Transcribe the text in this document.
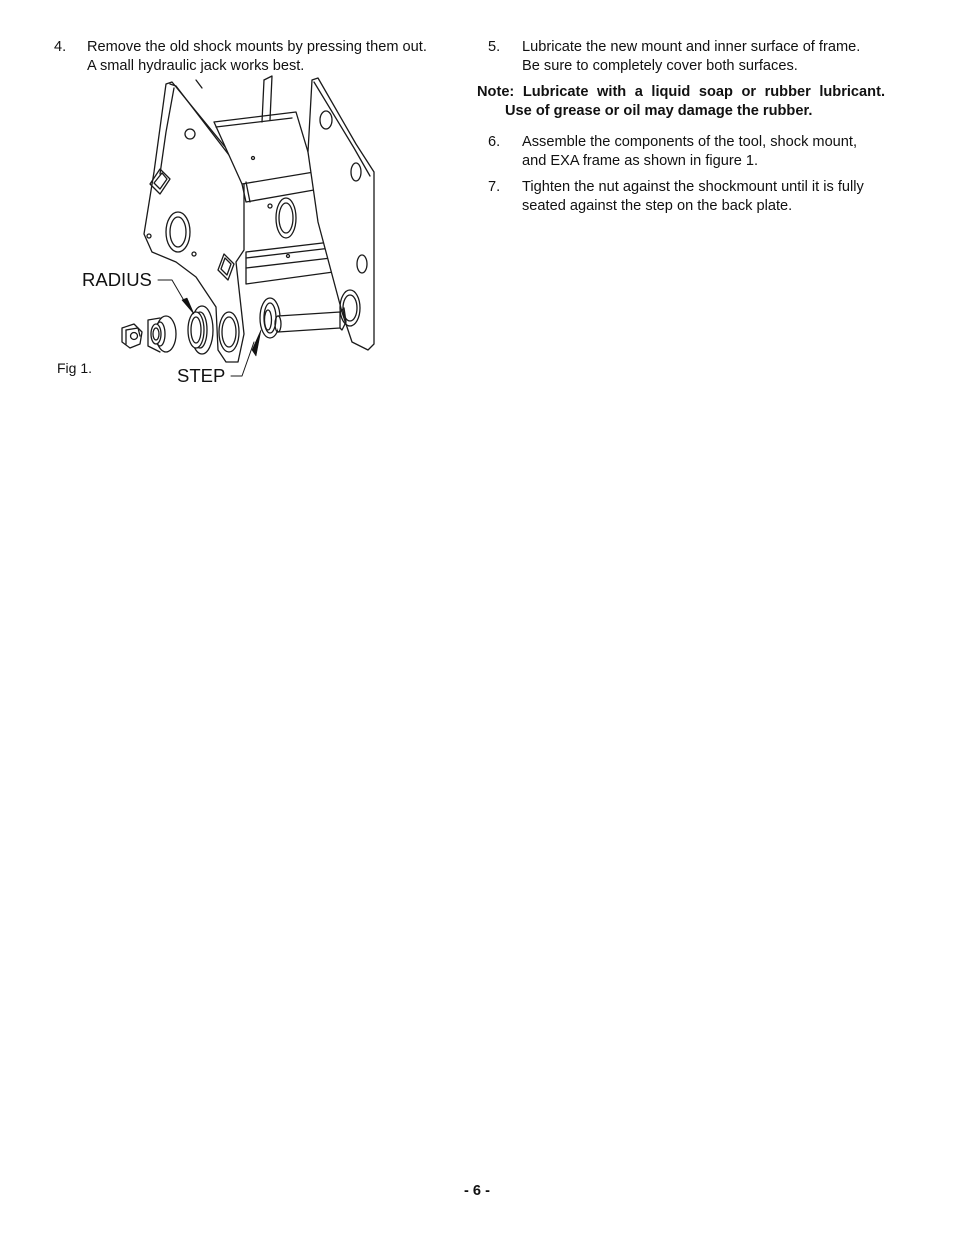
4. Remove the old shock mounts by pressing them out.
A small hydraulic jack works best.
RADIUS
STEP
Fig 1.
5. Lubricate the new mount and inner surface of frame.
Be sure to completely cover both surfaces.
Note: Lubricate with a liquid soap or rubber lubricant.
Use of grease or oil may damage the rubber.
6. Assemble the components of the tool, shock mount,
and EXA frame as shown in figure 1.
7. Tighten the nut against the shockmount until it is fully
seated against the step on the back plate.
- 6 -
